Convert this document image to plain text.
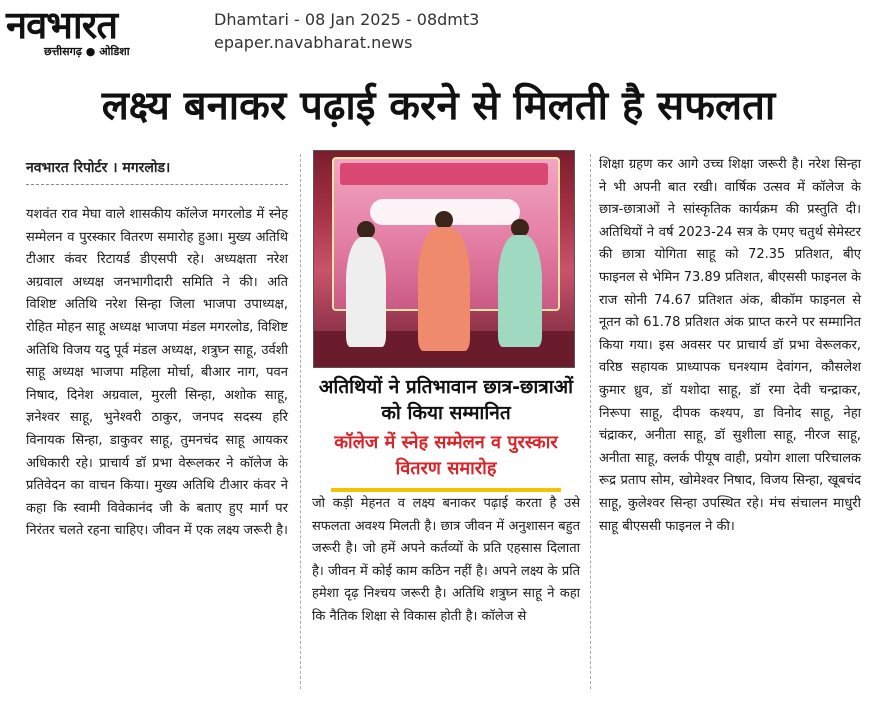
नवभारत
छत्तीसगढ़ ● ओडिशा
Dhamtari - 08 Jan 2025 - 08dmt3
epaper.navabharat.news
लक्ष्य बनाकर पढ़ाई करने से मिलती है सफलता
नवभारत रिपोर्टर । मगरलोड।

यशवंत राव मेघा वाले शासकीय कॉलेज मगरलोड में स्नेह सम्मेलन व पुरस्कार वितरण समारोह हुआ। मुख्य अतिथि टीआर कंवर रिटायर्ड डीएसपी रहे। अध्यक्षता नरेश अग्रवाल अध्यक्ष जनभागीदारी समिति ने की। अति विशिष्ट अतिथि नरेश सिन्हा जिला भाजपा उपाध्यक्ष, रोहित मोहन साहू अध्यक्ष भाजपा मंडल मगरलोड, विशिष्ट अतिथि विजय यदु पूर्व मंडल अध्यक्ष, शत्रुघ्न साहू, उर्वशी साहू अध्यक्ष भाजपा महिला मोर्चा, बीआर नाग, पवन निषाद, दिनेश अग्रवाल, मुरली सिन्हा, अशोक साहू, ज्ञनेश्वर साहू, भुनेश्वरी ठाकुर, जनपद सदस्य हरि विनायक सिन्हा, डाकुवर साहू, तुमनचंद साहू आयकर अधिकारी रहे। प्राचार्य डॉ प्रभा वेरूलकर ने कॉलेज के प्रतिवेदन का वाचन किया। मुख्य अतिथि टीआर कंवर ने कहा कि स्वामी विवेकानंद जी के बताए हुए मार्ग पर निरंतर चलते रहना चाहिए। जीवन में एक लक्ष्य जरूरी है।

अतिथियों ने प्रतिभावान छात्र-छात्राओं को किया सम्मानित
कॉलेज में स्नेह सम्मेलन व पुरस्कार वितरण समारोह

जो कड़ी मेहनत व लक्ष्य बनाकर पढ़ाई करता है उसे सफलता अवश्य मिलती है। छात्र जीवन में अनुशासन बहुत जरूरी है। जो हमें अपने कर्तव्यों के प्रति एहसास दिलाता है। जीवन में कोई काम कठिन नहीं है। अपने लक्ष्य के प्रति हमेशा दृढ़ निश्चय जरूरी है। अतिथि शत्रुघ्न साहू ने कहा कि नैतिक शिक्षा से विकास होती है। कॉलेज से

शिक्षा ग्रहण कर आगे उच्च शिक्षा जरूरी है। नरेश सिन्हा ने भी अपनी बात रखी। वार्षिक उत्सव में कॉलेज के छात्र-छात्राओं ने सांस्कृतिक कार्यक्रम की प्रस्तुति दी। अतिथियों ने वर्ष 2023-24 सत्र के एमए चतुर्थ सेमेस्टर की छात्रा योगिता साहू को 72.35 प्रतिशत, बीए फाइनल से भेमिन 73.89 प्रतिशत, बीएससी फाइनल के राज सोनी 74.67 प्रतिशत अंक, बीकॉम फाइनल से नूतन को 61.78 प्रतिशत अंक प्राप्त करने पर सम्मानित किया गया। इस अवसर पर प्राचार्य डॉ प्रभा वेरूलकर, वरिष्ठ सहायक प्राध्यापक घनश्याम देवांगन, कौसलेश कुमार ध्रुव, डॉ यशोदा साहू, डॉ रमा देवी चन्द्राकर, निरूपा साहू, दीपक कश्यप, डा विनोद साहू, नेहा चंद्राकर, अनीता साहू, डॉ सुशीला साहू, नीरज साहू, अनीता साहू, क्लर्क पीयूष वाही, प्रयोग शाला परिचालक रूद्र प्रताप सोम, खोमेश्वर निषाद, विजय सिन्हा, खूबचंद साहू, कुलेश्वर सिन्हा उपस्थित रहे। मंच संचालन माधुरी साहू बीएससी फाइनल ने की।
